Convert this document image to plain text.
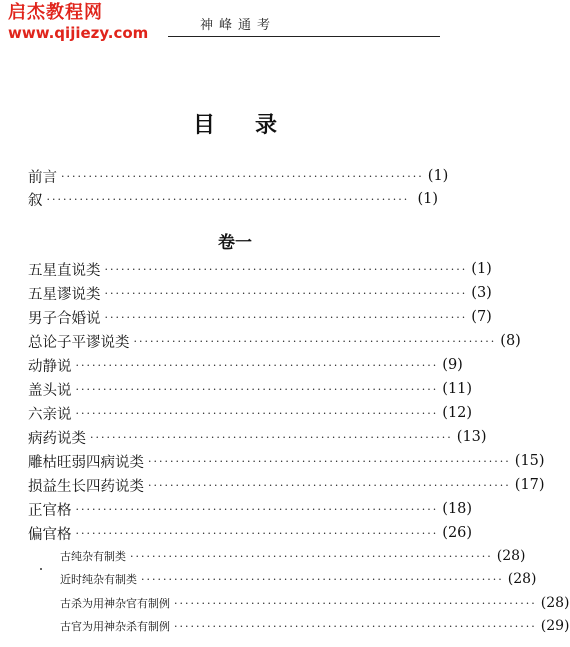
启杰教程网
www.qijiezy.com	神峰通考
目录
前言 ·································································· (1)
叙 ·································································· (1)
卷一
五星直说类 ·································································· (1)
五星谬说类 ·································································· (3)
男子合婚说 ·································································· (7)
总论子平谬说类 ·································································· (8)
动静说 ·································································· (9)
盖头说 ·································································· (11)
六亲说 ·································································· (12)
病药说类 ·································································· (13)
雕枯旺弱四病说类 ·································································· (15)
损益生长四药说类 ·································································· (17)
正官格 ·································································· (18)
偏官格 ·································································· (26)
古纯杂有制类 ·································································· (28)
近时纯杂有制类 ·································································· (28)
古杀为用神杂官有制例 ·································································· (28)
古官为用神杂杀有制例 ·································································· (29)
